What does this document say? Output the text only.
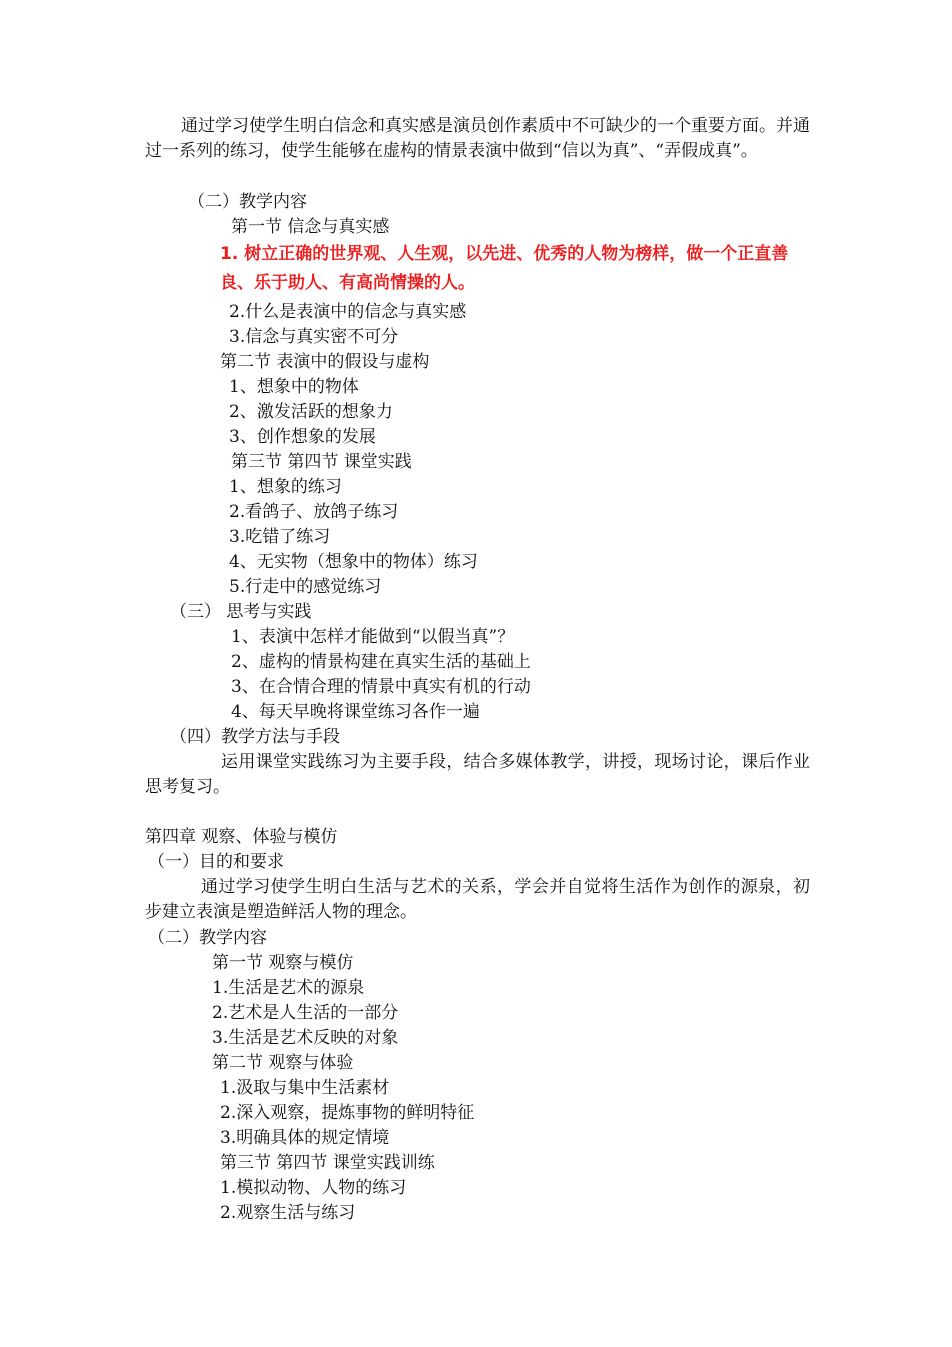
通过学习使学生明白信念和真实感是演员创作素质中不可缺少的一个重要方面。并通过一系列的练习，使学生能够在虚构的情景表演中做到“信以为真”、“弄假成真”。
（二）教学内容
第一节 信念与真实感
1. 树立正确的世界观、人生观，以先进、优秀的人物为榜样，做一个正直善良、乐于助人、有高尚情操的人。
2.什么是表演中的信念与真实感
3.信念与真实密不可分
第二节 表演中的假设与虚构
1、想象中的物体
2、激发活跃的想象力
3、创作想象的发展
第三节 第四节 课堂实践
1、想象的练习
2.看鸽子、放鸽子练习
3.吃错了练习
4、无实物（想象中的物体）练习
5.行走中的感觉练习
（三） 思考与实践
1、表演中怎样才能做到“以假当真”？
2、虚构的情景构建在真实生活的基础上
3、在合情合理的情景中真实有机的行动
4、每天早晚将课堂练习各作一遍
（四）教学方法与手段
运用课堂实践练习为主要手段，结合多媒体教学，讲授，现场讨论，课后作业思考复习。
第四章 观察、体验与模仿
（一）目的和要求
通过学习使学生明白生活与艺术的关系，学会并自觉将生活作为创作的源泉，初步建立表演是塑造鲜活人物的理念。
（二）教学内容
第一节 观察与模仿
1.生活是艺术的源泉
2.艺术是人生活的一部分
3.生活是艺术反映的对象
第二节 观察与体验
1.汲取与集中生活素材
2.深入观察，提炼事物的鲜明特征
3.明确具体的规定情境
第三节 第四节 课堂实践训练
1.模拟动物、人物的练习
2.观察生活与练习
